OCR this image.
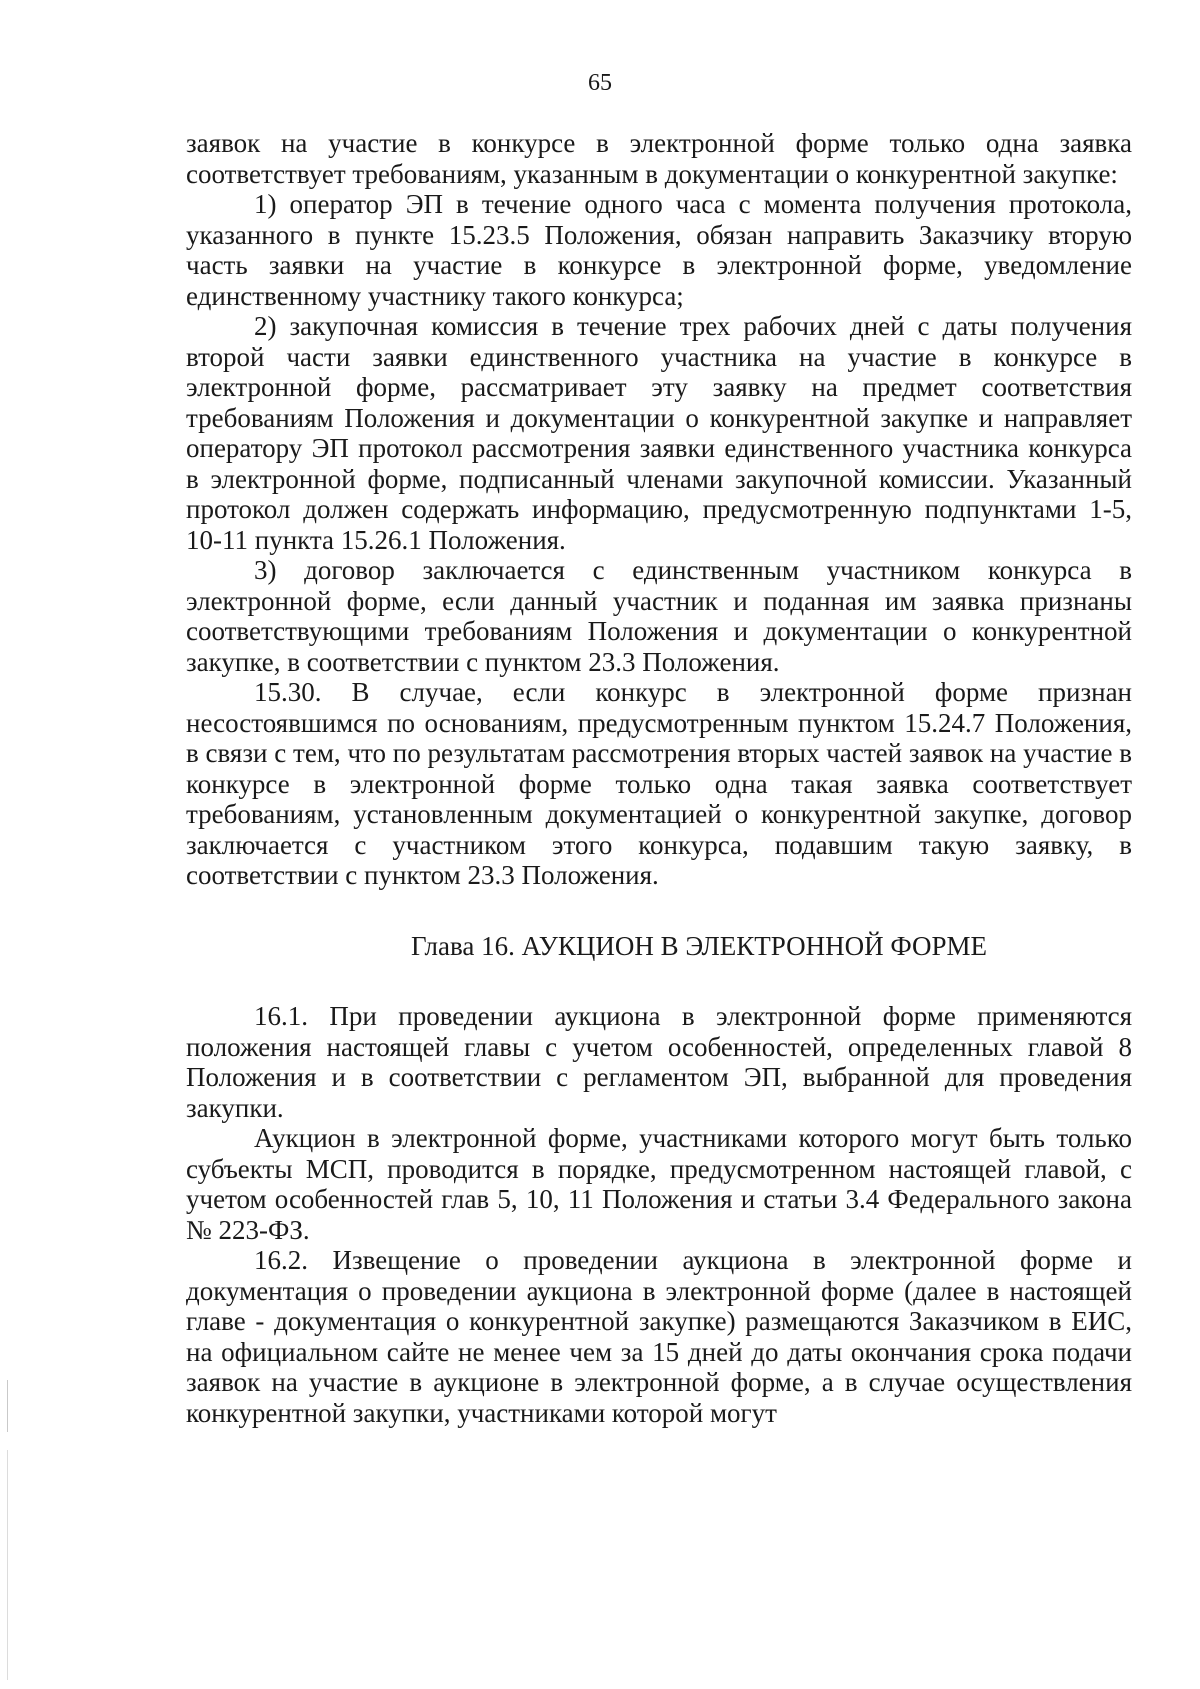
65

заявок на участие в конкурсе в электронной форме только одна заявка соответствует требованиям, указанным в документации о конкурентной закупке:

1) оператор ЭП в течение одного часа с момента получения протокола, указанного в пункте 15.23.5 Положения, обязан направить Заказчику вторую часть заявки на участие в конкурсе в электронной форме, уведомление единственному участнику такого конкурса;

2) закупочная комиссия в течение трех рабочих дней с даты получения второй части заявки единственного участника на участие в конкурсе в электронной форме, рассматривает эту заявку на предмет соответствия требованиям Положения и документации о конкурентной закупке и направляет оператору ЭП протокол рассмотрения заявки единственного участника конкурса в электронной форме, подписанный членами закупочной комиссии. Указанный протокол должен содержать информацию, предусмотренную подпунктами 1-5, 10-11 пункта 15.26.1 Положения.

3) договор заключается с единственным участником конкурса в электронной форме, если данный участник и поданная им заявка признаны соответствующими требованиям Положения и документации о конкурентной закупке, в соответствии с пунктом 23.3 Положения.

15.30. В случае, если конкурс в электронной форме признан несостоявшимся по основаниям, предусмотренным пунктом 15.24.7 Положения, в связи с тем, что по результатам рассмотрения вторых частей заявок на участие в конкурсе в электронной форме только одна такая заявка соответствует требованиям, установленным документацией о конкурентной закупке, договор заключается с участником этого конкурса, подавшим такую заявку, в соответствии с пунктом 23.3 Положения.

Глава 16. АУКЦИОН В ЭЛЕКТРОННОЙ ФОРМЕ

16.1. При проведении аукциона в электронной форме применяются положения настоящей главы с учетом особенностей, определенных главой 8 Положения и в соответствии с регламентом ЭП, выбранной для проведения закупки.

Аукцион в электронной форме, участниками которого могут быть только субъекты МСП, проводится в порядке, предусмотренном настоящей главой, с учетом особенностей глав 5, 10, 11 Положения и статьи 3.4 Федерального закона № 223-ФЗ.

16.2. Извещение о проведении аукциона в электронной форме и документация о проведении аукциона в электронной форме (далее в настоящей главе - документация о конкурентной закупке) размещаются Заказчиком в ЕИС, на официальном сайте не менее чем за 15 дней до даты окончания срока подачи заявок на участие в аукционе в электронной форме, а в случае осуществления конкурентной закупки, участниками которой могут
